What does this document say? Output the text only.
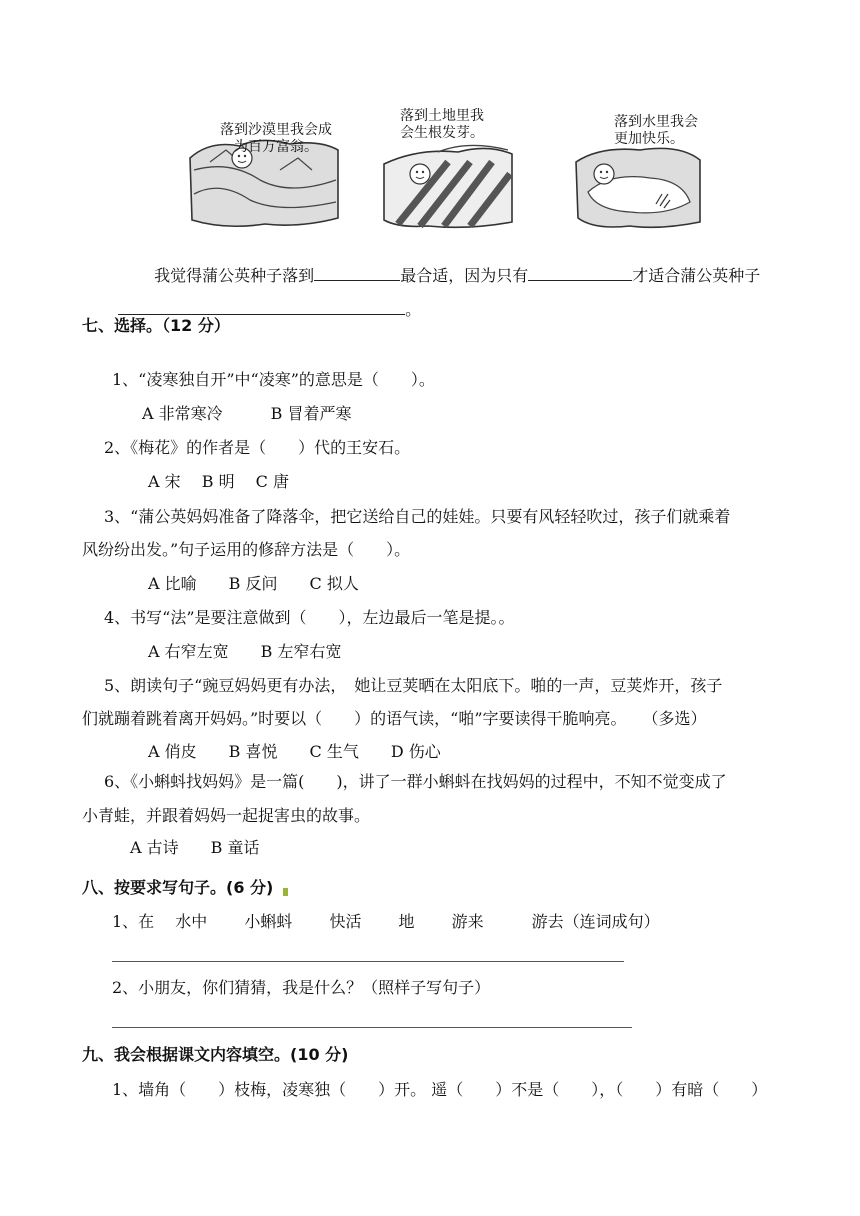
落到沙漠里我会成
为百万富翁。
落到土地里我
会生根发芽。
落到水里我会
更加快乐。

我觉得蒲公英种子落到	最合适，因为只有	才适合蒲公英种子

。

七、选择。（12 分）
1、“凌寒独自开”中“凌寒”的意思是（　　）。
A 非常寒冷　　　B 冒着严寒
2、《梅花》的作者是（　　）代的王安石。
A 宋　 B 明　 C 唐
3、“蒲公英妈妈准备了降落伞，把它送给自己的娃娃。只要有风轻轻吹过，孩子们就乘着
风纷纷出发。”句子运用的修辞方法是（　　）。
A 比喻　　B 反问　　C 拟人
4、书写“法”是要注意做到（　　），左边最后一笔是提。。
A 右窄左宽　　B 左窄右宽
5、朗读句子“豌豆妈妈更有办法，　她让豆荚晒在太阳底下。啪的一声，豆荚炸开，孩子
们就蹦着跳着离开妈妈。”时要以（　　）的语气读，“啪”字要读得干脆响亮。　　（多选）
A 俏皮　　B 喜悦　　C 生气　　D 伤心
6、《小蝌蚪找妈妈》是一篇(　　)，讲了一群小蝌蚪在找妈妈的过程中，不知不觉变成了
小青蛙，并跟着妈妈一起捉害虫的故事。
A 古诗　　B 童话
八、按要求写句子。(6 分)
1、在　 水中　　 小蝌蚪　　 快活　　 地　　 游来　　　游去（连词成句）
2、小朋友，你们猜猜，我是什么？（照样子写句子）
九、我会根据课文内容填空。(10 分)
1、墙角（　　）枝梅，凌寒独（　　）开。 遥（　　）不是（　　），（　　）有暗（　　）
